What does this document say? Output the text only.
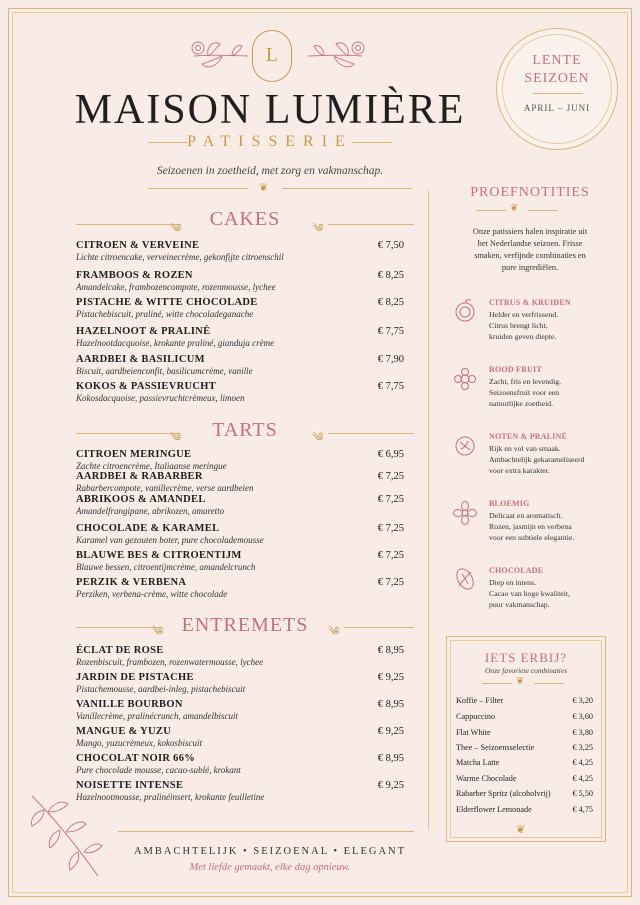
L
MAISON LUMIÈRE
PATISSERIE
Seizoenen in zoetheid, met zorg en vakmanschap.
❦
LENTE
SEIZOEN
APRIL – JUNI
༄	CAKES	༄
CITROEN & VERVEINE
Lichte citroencake, verveinecrème, gekonfijte citroenschil
€ 7,50
FRAMBOOS & ROZEN
Amandelcake, frambozencompote, rozenmousse, lychee
€ 8,25
PISTACHE & WITTE CHOCOLADE
Pistachebiscuit, praliné, witte chocoladeganache
€ 8,25
HAZELNOOT & PRALINÉ
Hazelnootdacquoise, krokante praliné, gianduja crème
€ 7,75
AARDBEI & BASILICUM
Biscuit, aardbeienconfit, basilicumcrème, vanille
€ 7,90
KOKOS & PASSIEVRUCHT
Kokosdacquoise, passievruchtcrèmeux, limoen
€ 7,75
༄	TARTS	༄
CITROEN MERINGUE
Zachte citroencrème, Italiaanse meringue
€ 6,95
AARDBEI & RABARBER
Rabarbercompote, vanillecrème, verse aardbeien
€ 7,25
ABRIKOOS & AMANDEL
Amandelfrangipane, abrikozen, amaretto
€ 7,25
CHOCOLADE & KARAMEL
Karamel van gezouten boter, pure chocolademousse
€ 7,25
BLAUWE BES & CITROENTIJM
Blauwe bessen, citroentijmcrème, amandelcrunch
€ 7,25
PERZIK & VERBENA
Perziken, verbena-crème, witte chocolade
€ 7,25
༄ ENTREMETS	༄
ÉCLAT DE ROSE
Rozenbiscuit, frambozen, rozenwatermousse, lychee
€ 8,95
JARDIN DE PISTACHE
Pistachemousse, aardbei-inleg, pistachebiscuit
€ 9,25
VANILLE BOURBON
Vanillecrème, pralinécrunch, amandelbiscuit
€ 8,95
MANGUE & YUZU
Mango, yuzucrèmeux, kokosbiscuit
€ 9,25
CHOCOLAT NOIR 66%
Pure chocolade mousse, cacao-sablé, krokant
€ 8,95
NOISETTE INTENSE
Hazelnootmousse, pralinéinsert, krokante feuilletine
€ 9,25
AMBACHTELIJK • SEIZOENAL • ELEGANT
Met liefde gemaakt, elke dag opnieuw.
PROEFNOTITIES
❦
Onze patissiers halen inspiratie uit
het Nederlandse seizoen. Frisse
smaken, verfijnde combinaties en
pure ingrediëlen.
CITRUS & KRUIDEN
Helder en verfrissend.
Citrus brengt licht,
kruiden geven diepte.
ROOD FRUIT
Zacht, fris en levendig.
Seizoensfruit voor een
natuurlijke zoetheid.
NOTEN & PRALINÉ
Rijk en vol van smaak.
Ambachtelijk gekarameliseerd
voor extra karakter.
BLOEMIG
Delicaat en aromatisch.
Rozen, jasmijn en verbena
voor een subtiele elegantie.
CHOCOLADE
Diep en intens.
Cacao van hoge kwaliteit,
puur vakmanschap.
IETS ERBIJ?
Onze favoriete combinaties
❦
Koffie – Filter	€ 3,20
Cappuccino	€ 3,60
Flat White	€ 3,80
Thee – Seizoensselectie	€ 3,25
Matcha Latte	€ 4,25
Warme Chocolade	€ 4,25
Rabarber Spritz (alcoholvrij)	€ 5,50
Elderflower Lemonade	€ 4,75
❦
